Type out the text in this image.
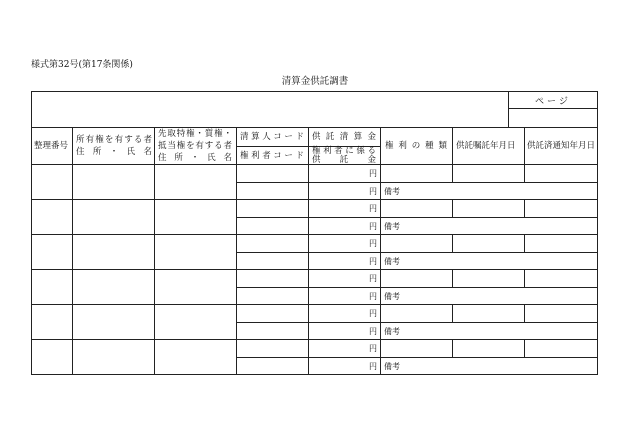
様式第32号(第17条関係)
清算金供託調書
ページ
整理番号
所有権を有する者
住 所 ・ 氏 名
先取特権・質権・
抵当権を有する者
住 所 ・ 氏 名
清算人コード 供託清算金
権利者コード 権利者に係る
供 託 金
権 利 の 種 類 供託嘱託年月日 供託済通知年月日
円
円 備考
円
円 備考
円
円 備考
円
円 備考
円
円 備考
円
円 備考
